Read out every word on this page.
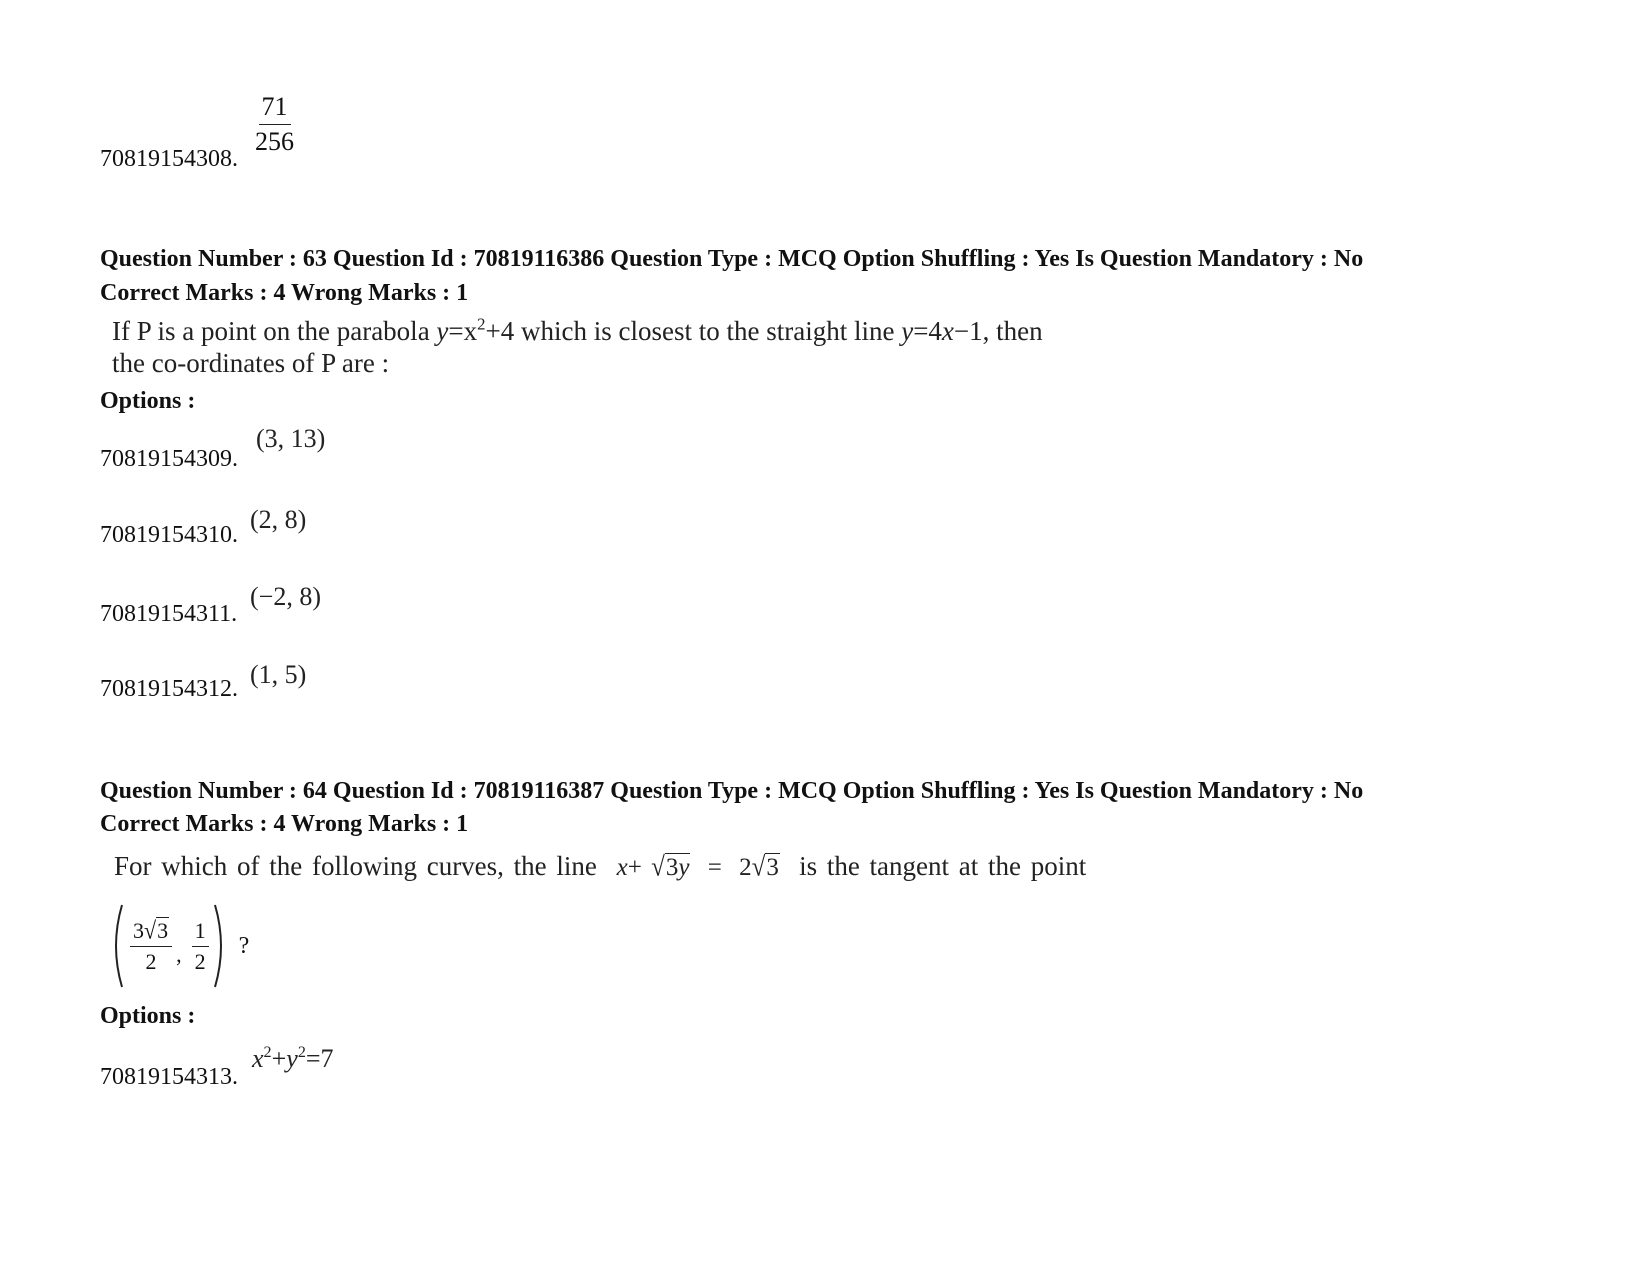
70819154308.
$\frac{71}{256}$
Question Number : 63 Question Id : 70819116386 Question Type : MCQ Option Shuffling : Yes Is Question Mandatory : No
Correct Marks : 4 Wrong Marks : 1
If P is a point on the parabola $y=x^2+4$ which is closest to the straight line y=4x−1, then
the co-ordinates of P are :
Options :
70819154309.
(3, 13)
70819154310.
(2, 8)
70819154311.
(−2, 8)
70819154312. (1, 5)
Question Number : 64 Question Id : 70819116387 Question Type : MCQ Option Shuffling : Yes Is Question Mandatory : No
Correct Marks : 4 Wrong Marks : 1
For which of the following curves, the line x+ √3y = 2√3 is the tangent at the point
$\frac{3√3}{2}$ , $\frac{1}{2}$ ?
Options :
70819154313.
$x^2+y^2=7$
